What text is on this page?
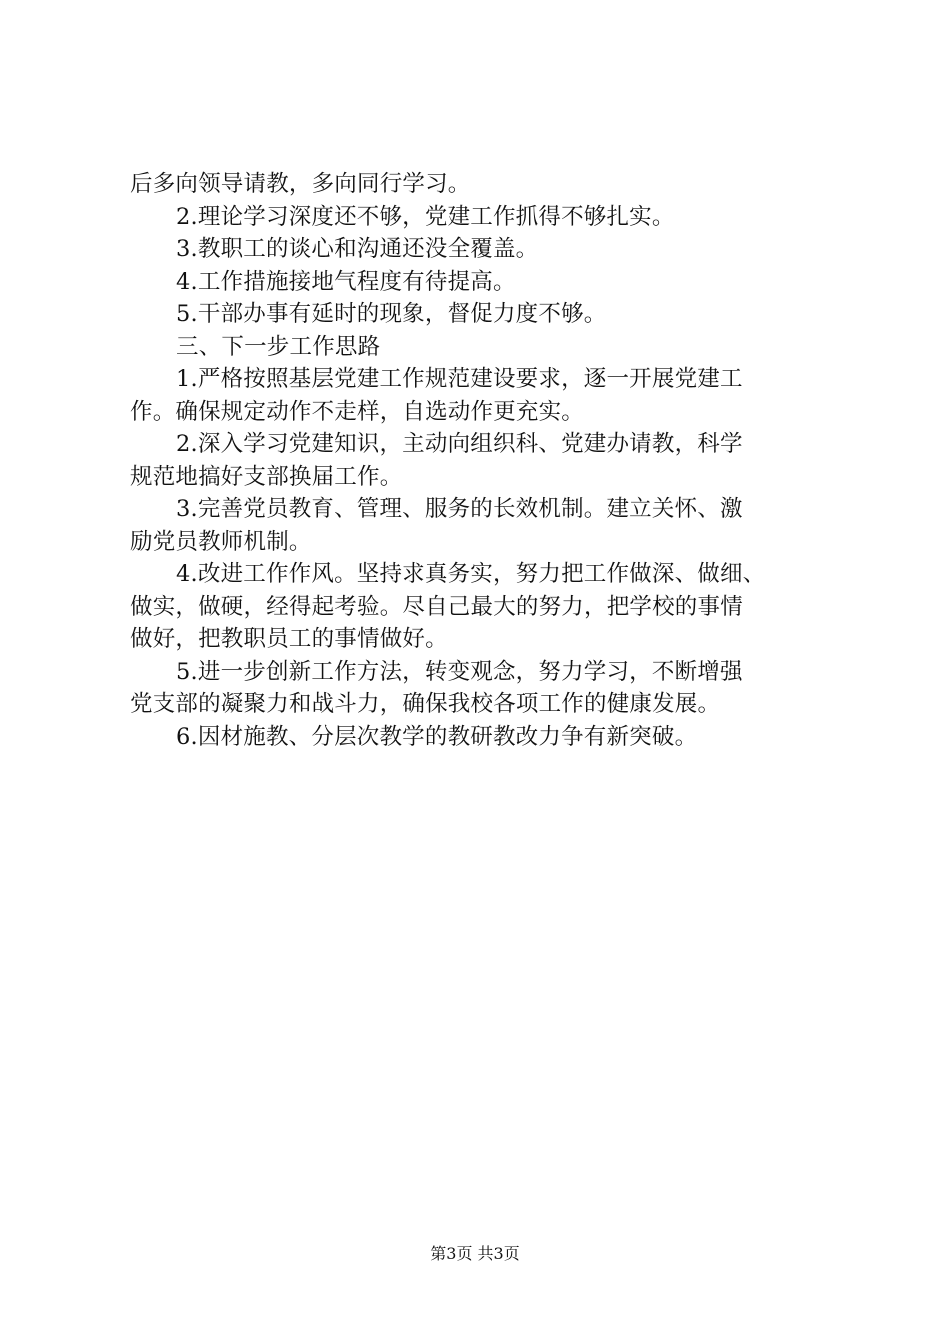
后多向领导请教，多向同行学习。
2.理论学习深度还不够，党建工作抓得不够扎实。
3.教职工的谈心和沟通还没全覆盖。
4.工作措施接地气程度有待提高。
5.干部办事有延时的现象，督促力度不够。
三、下一步工作思路
1.严格按照基层党建工作规范建设要求，逐一开展党建工
作。确保规定动作不走样，自选动作更充实。
2.深入学习党建知识，主动向组织科、党建办请教，科学
规范地搞好支部换届工作。
3.完善党员教育、管理、服务的长效机制。建立关怀、激
励党员教师机制。
4.改进工作作风。坚持求真务实，努力把工作做深、做细、
做实，做硬，经得起考验。尽自己最大的努力，把学校的事情
做好，把教职员工的事情做好。
5.进一步创新工作方法，转变观念，努力学习，不断增强
党支部的凝聚力和战斗力，确保我校各项工作的健康发展。
6.因材施教、分层次教学的教研教改力争有新突破。
第3页 共3页
